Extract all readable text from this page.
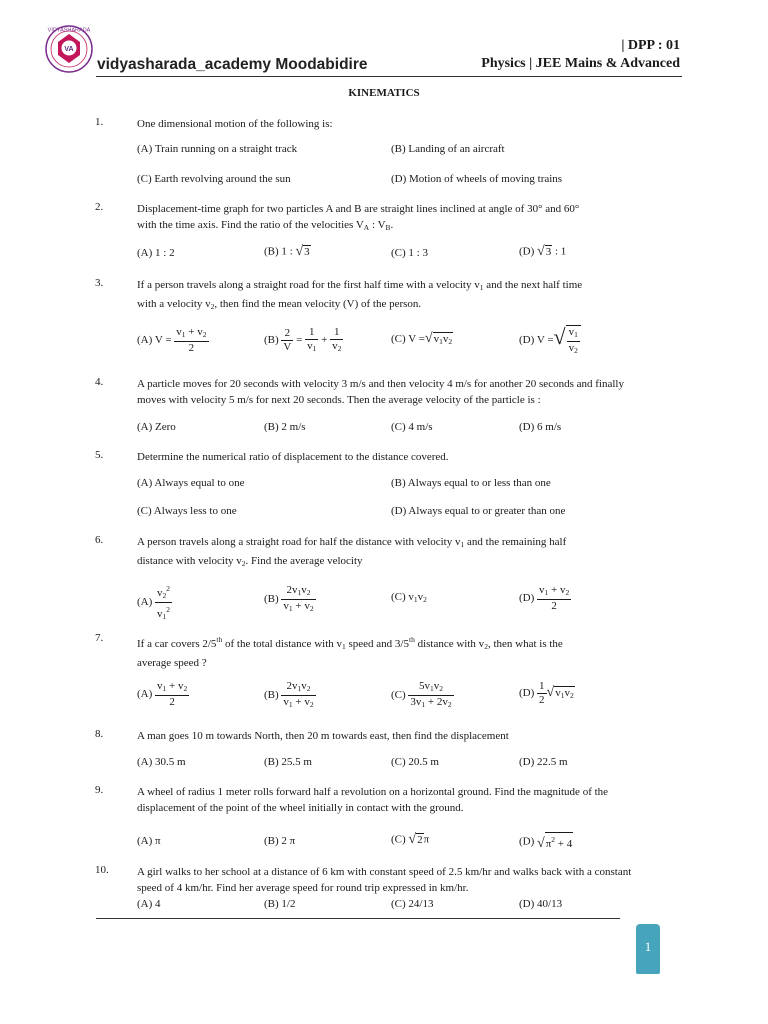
VA
VIDYASHARADA
vidyasharada_academy Moodabidire
| DPP : 01
Physics | JEE Mains & Advanced
KINEMATICS
1.	One dimensional motion of the following is:
(A) Train running on a straight track	(B) Landing of an aircraft
(C) Earth revolving around the sun	(D) Motion of wheels of moving trains
2.	Displacement-time graph for two particles A and B are straight lines inclined at angle of 30° and 60°
with the time axis. Find the ratio of the velocities $V_A$ : $V_B$.
(A) 1 : 2	(B) 1 : √3	(C) 1 : 3	(D) √3 : 1
3.	If a person travels along a straight road for the first half time with a velocity $v_1$ and the next half time
with a velocity $v_2$, then find the mean velocity (V) of the person.
(A) $V = \frac{v_1 + v_2}{2}$	$(B) \frac{2}{V} = \frac{1}{v_1} + \frac{1}{v_2}$	(C) $V =√v_1v_2$	(D) V =√ $\frac{v_1}{v_2}$
4.	A particle moves for 20 seconds with velocity 3 m/s and then velocity 4 m/s for another 20 seconds and finally moves with velocity 5 m/s for next 20 seconds. Then the average velocity of the particle is :
(A) Zero	(B) 2 m/s	(C) 4 m/s	(D) 6 m/s
5.	Determine the numerical ratio of displacement to the distance covered.
(A) Always equal to one	(B) Always equal to or less than one
(C) Always less to one	(D) Always equal to or greater than one
6.	A person travels along a straight road for half the distance with velocity $v_1$ and the remaining half
distance with velocity $v_2$. Find the average velocity
$(A) \frac{v_2^2}{v_1^2}$	$(B) \frac{2v_1v_2}{v_1 + v_2}$	(C) $v_1v_2$	$(D) \frac{v_1 + v_2}{2}$
7.	If a car covers 2/5th of the total distance with $v_1$ speed and 3/5th distance with $v_2$, then what is the
average speed ?
$(A) \frac{v_1 + v_2}{2}$	$(B) \frac{2v_1v_2}{v_1 + v_2}$	$(C) \frac{5v_1v_2}{3v_1 + 2v_2}$	$(D) \frac{1}{2} √v_1v_2$
8.	A man goes 10 m towards North, then 20 m towards east, then find the displacement
(A) 30.5 m	(B) 25.5 m	(C) 20.5 m	(D) 22.5 m
9.	A wheel of radius 1 meter rolls forward half a revolution on a horizontal ground. Find the magnitude of the displacement of the point of the wheel initially in contact with the ground.
(A) π	(B) 2 π	(C) √2π	(D) $√\pi^2 + 4$
10.	A girl walks to her school at a distance of 6 km with constant speed of 2.5 km/hr and walks back with a constant speed of 4 km/hr. Find her average speed for round trip expressed in km/hr.
(A) 4	(B) 1/2	(C) 24/13	(D) 40/13
1
